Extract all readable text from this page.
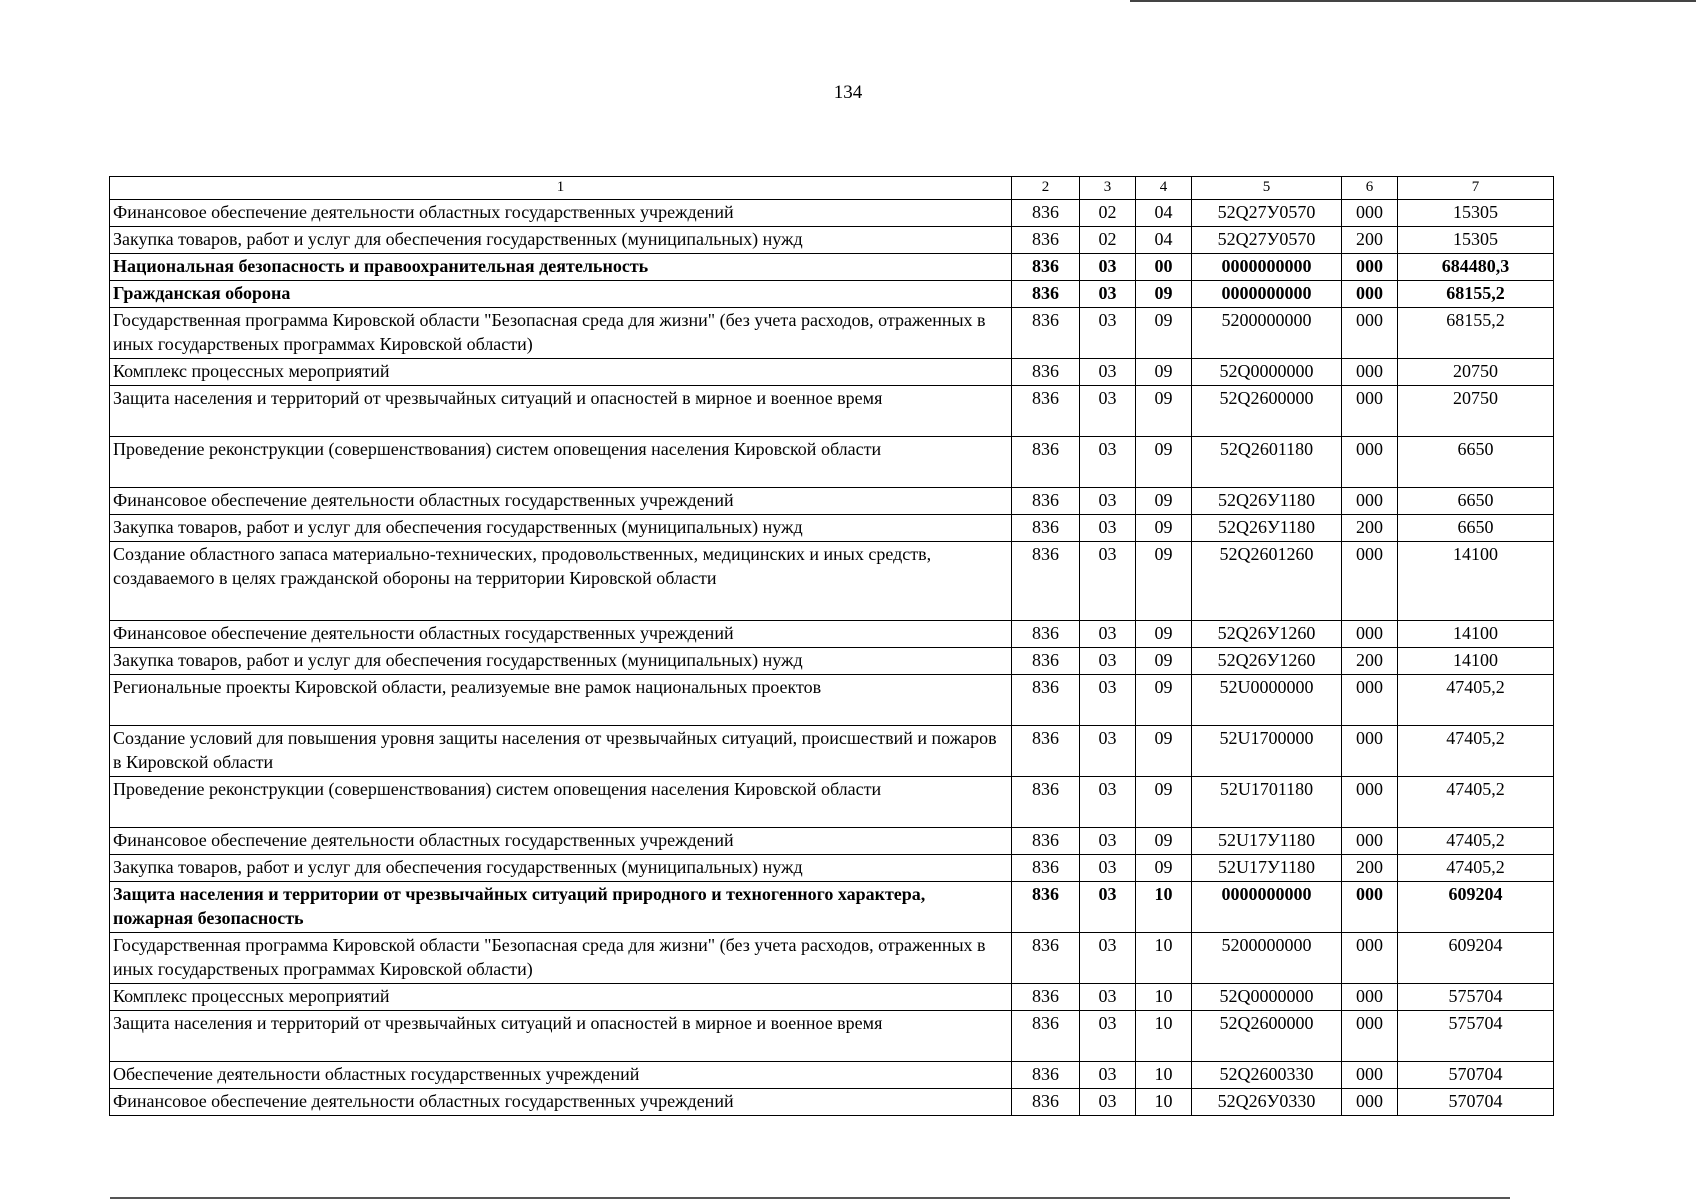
134
1	2	3	4	5	6	7
Финансовое обеспечение деятельности областных государственных учреждений	836	02	04	52Q27У0570	000	15305
Закупка товаров, работ и услуг для обеспечения государственных (муниципальных) нужд	836	02	04	52Q27У0570	200	15305
Национальная безопасность и правоохранительная деятельность	836	03	00	0000000000	000	684480,3
Гражданская оборона	836	03	09	0000000000	000	68155,2
Государственная программа Кировской области "Безопасная среда для жизни" (без учета расходов, отраженных в иных государственых программах Кировской области)	836	03	09	5200000000	000	68155,2
Комплекс процессных мероприятий	836	03	09	52Q0000000	000	20750
Защита населения и территорий от чрезвычайных ситуаций и опасностей в мирное и военное время	836	03	09	52Q2600000	000	20750
Проведение реконструкции (совершенствования) систем оповещения населения Кировской области	836	03	09	52Q2601180	000	6650
Финансовое обеспечение деятельности областных государственных учреждений	836	03	09	52Q26У1180	000	6650
Закупка товаров, работ и услуг для обеспечения государственных (муниципальных) нужд	836	03	09	52Q26У1180	200	6650
Создание областного запаса материально-технических, продовольственных, медицинских и иных средств, создаваемого в целях гражданской обороны на территории Кировской области	836	03	09	52Q2601260	000	14100
Финансовое обеспечение деятельности областных государственных учреждений	836	03	09	52Q26У1260	000	14100
Закупка товаров, работ и услуг для обеспечения государственных (муниципальных) нужд	836	03	09	52Q26У1260	200	14100
Региональные проекты Кировской области, реализуемые вне рамок национальных проектов	836	03	09	52U0000000	000	47405,2
Создание условий для повышения уровня защиты населения от чрезвычайных ситуаций, происшествий и пожаров в Кировской области	836	03	09	52U1700000	000	47405,2
Проведение реконструкции (совершенствования) систем оповещения населения Кировской области	836	03	09	52U1701180	000	47405,2
Финансовое обеспечение деятельности областных государственных учреждений	836	03	09	52U17У1180	000	47405,2
Закупка товаров, работ и услуг для обеспечения государственных (муниципальных) нужд	836	03	09	52U17У1180	200	47405,2
Защита населения и территории от чрезвычайных ситуаций природного и техногенного характера, пожарная безопасность	836	03	10	0000000000	000	609204
Государственная программа Кировской области "Безопасная среда для жизни" (без учета расходов, отраженных в иных государственых программах Кировской области)	836	03	10	5200000000	000	609204
Комплекс процессных мероприятий	836	03	10	52Q0000000	000	575704
Защита населения и территорий от чрезвычайных ситуаций и опасностей в мирное и военное время	836	03	10	52Q2600000	000	575704
Обеспечение деятельности областных государственных учреждений	836	03	10	52Q2600330	000	570704
Финансовое обеспечение деятельности областных государственных учреждений	836	03	10	52Q26У0330	000	570704
